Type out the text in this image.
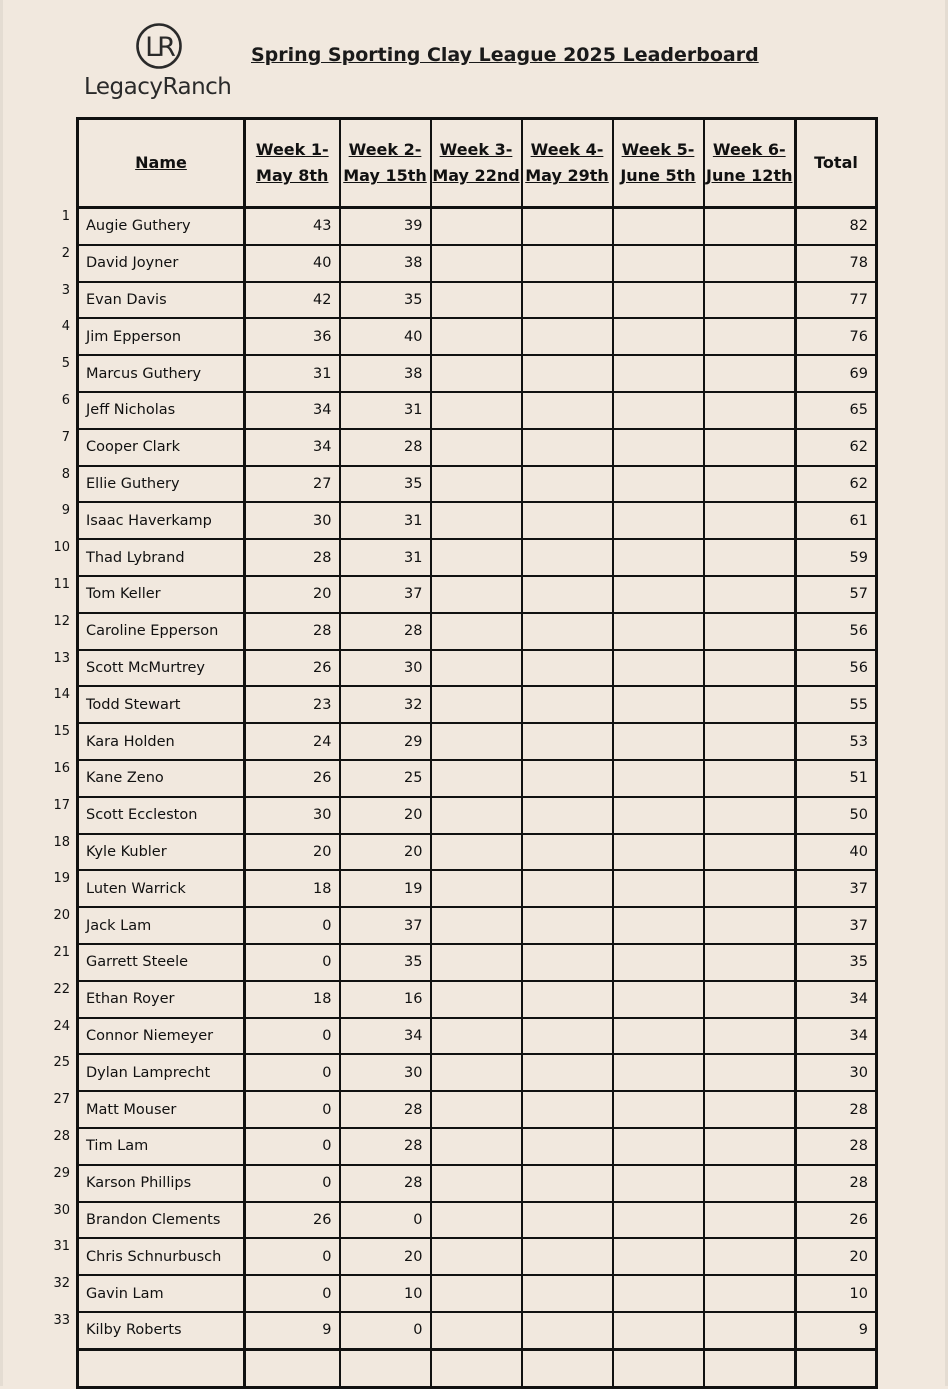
LR
LegacyRanch
Spring Sporting Clay League 2025 Leaderboard
1
2
3
4
5
6
7
8
9
10
11
12
13
14
15
16
17
18
19
20
21
22
24
25
27
28
29
30
31
32
33
Name	Week 1- May 8th	Week 2- May 15th	Week 3- May 22nd	Week 4- May 29th	Week 5- June 5th	Week 6- June 12th	Total
Augie Guthery	43	39					82
David Joyner	40	38					78
Evan Davis	42	35					77
Jim Epperson	36	40					76
Marcus Guthery	31	38					69
Jeff Nicholas	34	31					65
Cooper Clark	34	28					62
Ellie Guthery	27	35					62
Isaac Haverkamp	30	31					61
Thad Lybrand	28	31					59
Tom Keller	20	37					57
Caroline Epperson	28	28					56
Scott McMurtrey	26	30					56
Todd Stewart	23	32					55
Kara Holden	24	29					53
Kane Zeno	26	25					51
Scott Eccleston	30	20					50
Kyle Kubler	20	20					40
Luten Warrick	18	19					37
Jack Lam	0	37					37
Garrett Steele	0	35					35
Ethan Royer	18	16					34
Connor Niemeyer	0	34					34
Dylan Lamprecht	0	30					30
Matt Mouser	0	28					28
Tim Lam	0	28					28
Karson Phillips	0	28					28
Brandon Clements	26	0					26
Chris Schnurbusch	0	20					20
Gavin Lam	0	10					10
Kilby Roberts	9	0					9
